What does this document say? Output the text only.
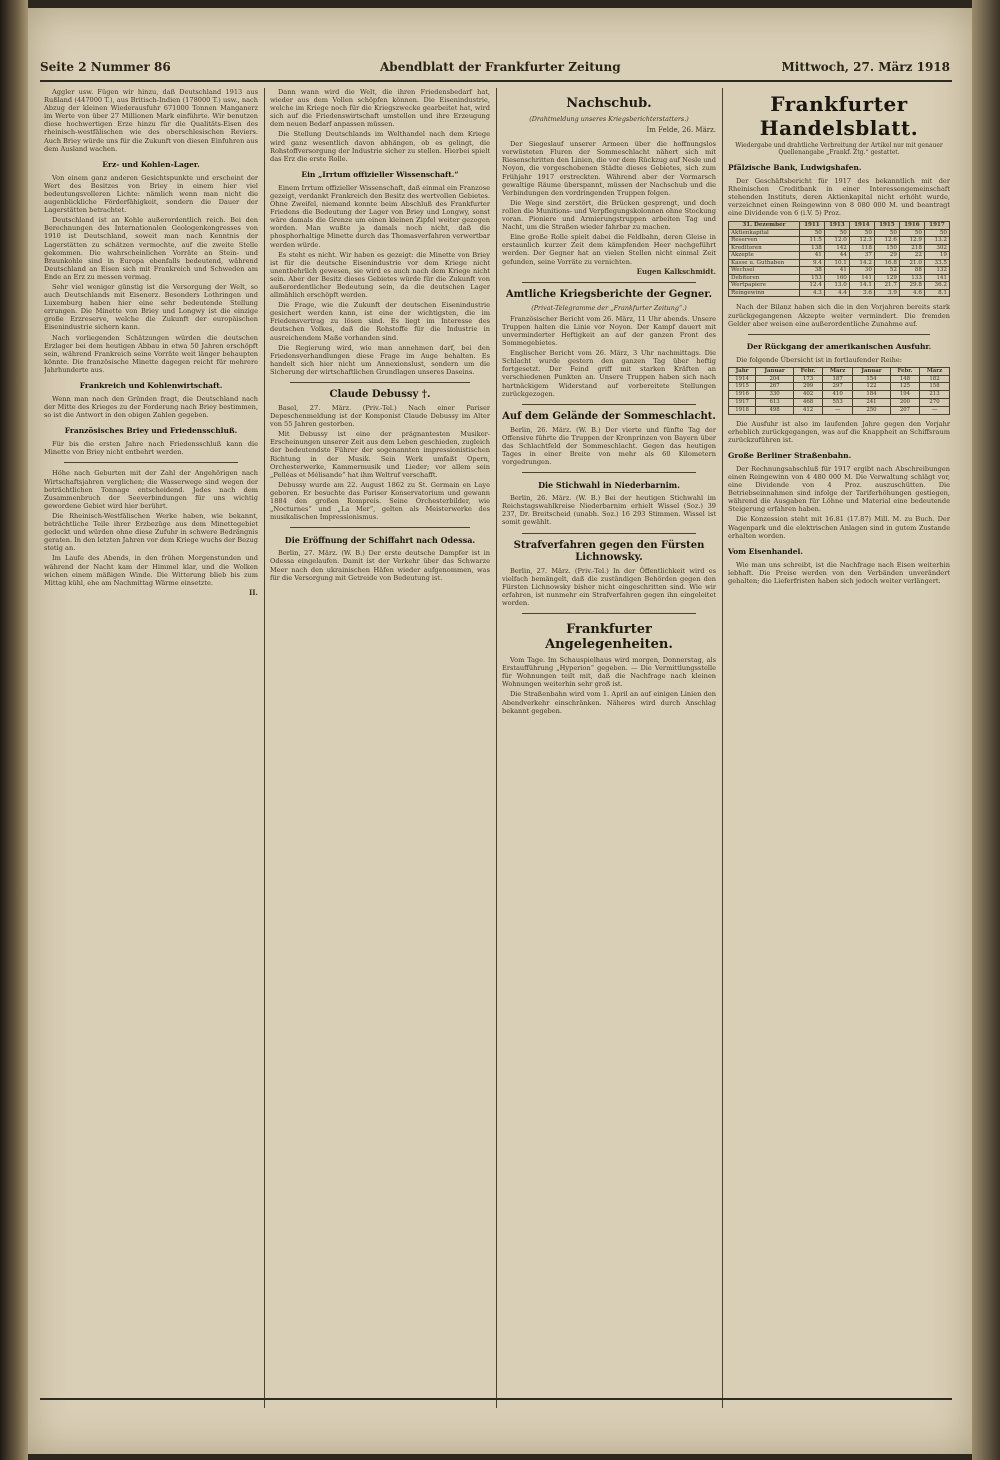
Seite 2 Nummer 86	Abendblatt der Frankfurter Zeitung	Mittwoch, 27. März 1918

Aggler usw. Fügen wir hinzu, daß Deutschland 1913 aus Rußland (447000 T.), aus Britisch-Indien (178000 T.) usw., nach Abzug der kleinen Wiederausfuhr 671000 Tonnen Manganerz im Werte von über 27 Millionen Mark einführte. Wir benutzen diese hochwertigen Erze hinzu für die Qualitäts-Eisen des rheinisch-westfälischen wie des oberschlesischen Reviers. Auch Briey würde uns für die Zukunft von diesen Einfuhren aus dem Ausland wachen.

Erz- und Kohlen-Lager.

Von einem ganz anderen Gesichtspunkte und erscheint der Wert des Besitzes von Briey in einem hier viel bedeutungsvolleren Lichte: nämlich wenn man nicht die augenblickliche Förderfähigkeit, sondern die Dauer der Lagerstätten betrachtet.

Deutschland ist an Kohle außerordentlich reich. Bei den Berechnungen des Internationalen Geologenkongresses von 1910 ist Deutschland, soweit man nach Kenntnis der Lagerstätten zu schätzen vermochte, auf die zweite Stelle gekommen. Die wahrscheinlichen Vorräte an Stein- und Braunkohle sind in Europa ebenfalls bedeutend, während Deutschland an Eisen sich mit Frankreich und Schweden am Ende an Erz zu messen vermag.

Sehr viel weniger günstig ist die Versorgung der Welt, so auch Deutschlands mit Eisenerz. Besonders Lothringen und Luxemburg haben hier eine sehr bedeutende Stellung errungen. Die Minette von Briey und Longwy ist die einzige große Erzreserve, welche die Zukunft der europäischen Eisenindustrie sichern kann.

Nach vorliegenden Schätzungen würden die deutschen Erzlager bei dem heutigen Abbau in etwa 50 Jahren erschöpft sein, während Frankreich seine Vorräte weit länger behaupten könnte. Die französische Minette dagegen reicht für mehrere Jahrhunderte aus.

Frankreich und Kohlenwirtschaft.

Wenn man nach den Gründen fragt, die Deutschland nach der Mitte des Krieges zu der Forderung nach Briey bestimmen, so ist die Antwort in den obigen Zahlen gegeben.

Französisches Briey und Friedensschluß.

Für bis die ersten Jahre nach Friedensschluß kann die Minette von Briey nicht entbehrt werden.

Höhe nach Geburten mit der Zahl der Angehörigen nach Wirtschaftsjahren verglichen; die Wasserwege sind wegen der beträchtlichen Tonnage entscheidend. Jedes nach dem Zusammenbruch der Seeverbindungen für uns wichtig gewordene Gebiet wird hier berührt.

Die Rheinisch-Westfälischen Werke haben, wie bekannt, beträchtliche Teile ihrer Erzbezüge aus dem Minettegebiet gedeckt und würden ohne diese Zufuhr in schwere Bedrängnis geraten. In den letzten Jahren vor dem Kriege wuchs der Bezug stetig an.

Im Laufe des Abends, in den frühen Morgenstunden und während der Nacht kam der Himmel klar, und die Wolken wichen einem mäßigen Winde. Die Witterung blieb bis zum Mittag kühl, ehe am Nachmittag Wärme einsetzte.

II.

Dann wann wird die Welt, die ihren Friedensbedarf hat, wieder aus dem Vollen schöpfen können. Die Eisenindustrie, welche im Kriege noch für die Kriegszwecke gearbeitet hat, wird sich auf die Friedenswirtschaft umstellen und ihre Erzeugung dem neuen Bedarf anpassen müssen.

Die Stellung Deutschlands im Welthandel nach dem Kriege wird ganz wesentlich davon abhängen, ob es gelingt, die Rohstoffversorgung der Industrie sicher zu stellen. Hierbei spielt das Erz die erste Rolle.

Ein „Irrtum offizieller Wissenschaft.“

Einem Irrtum offizieller Wissenschaft, daß einmal ein Franzose gezeigt, verdankt Frankreich den Besitz des wertvollen Gebietes. Ohne Zweifel, niemand konnte beim Abschluß des Frankfurter Friedens die Bedeutung der Lager von Briey und Longwy, sonst wäre damals die Grenze um einen kleinen Zipfel weiter gezogen worden. Man wußte ja damals noch nicht, daß die phosphorhaltige Minette durch das Thomasverfahren verwertbar werden würde.

Es steht es nicht. Wir haben es gezeigt: die Minette von Briey ist für die deutsche Eisenindustrie vor dem Kriege nicht unentbehrlich gewesen, sie wird es auch nach dem Kriege nicht sein. Aber der Besitz dieses Gebietes würde für die Zukunft von außerordentlicher Bedeutung sein, da die deutschen Lager allmählich erschöpft werden.

Die Frage, wie die Zukunft der deutschen Eisenindustrie gesichert werden kann, ist eine der wichtigsten, die im Friedensvertrag zu lösen sind. Es liegt im Interesse des deutschen Volkes, daß die Rohstoffe für die Industrie in ausreichendem Maße vorhanden sind.

Die Regierung wird, wie man annehmen darf, bei den Friedensverhandlungen diese Frage im Auge behalten. Es handelt sich hier nicht um Annexionslust, sondern um die Sicherung der wirtschaftlichen Grundlagen unseres Daseins.

Claude Debussy †.

Basel, 27. März. (Priv.-Tel.) Nach einer Pariser Depeschenmeldung ist der Komponist Claude Debussy im Alter von 55 Jahren gestorben.

Mit Debussy ist eine der prägnantesten Musiker-Erscheinungen unserer Zeit aus dem Leben geschieden, zugleich der bedeutendste Führer der sogenannten impressionistischen Richtung in der Musik. Sein Werk umfaßt Opern, Orchesterwerke, Kammermusik und Lieder; vor allem sein „Pelléas et Mélisande“ hat ihm Weltruf verschafft.

Debussy wurde am 22. August 1862 zu St. Germain en Laye geboren. Er besuchte das Pariser Konservatorium und gewann 1884 den großen Rompreis. Seine Orchesterbilder, wie „Nocturnes“ und „La Mer“, gelten als Meisterwerke des musikalischen Impressionismus.

Die Eröffnung der Schiffahrt nach Odessa.

Berlin, 27. März. (W. B.) Der erste deutsche Dampfer ist in Odessa eingelaufen. Damit ist der Verkehr über das Schwarze Meer nach den ukrainischen Häfen wieder aufgenommen, was für die Versorgung mit Getreide von Bedeutung ist.

Nachschub.
(Drahtmeldung unseres Kriegsberichterstatters.)
Im Felde, 26. März.

Der Siegeslauf unserer Armeen über die hoffnungslos verwüsteten Fluren der Sommeschlacht nähert sich mit Riesenschritten den Linien, die vor dem Rückzug auf Nesle und Noyon, die vorgeschobenen Städte dieses Gebietes, sich zum Frühjahr 1917 erstreckten. Während aber der Vormarsch gewaltige Räume überspannt, müssen der Nachschub und die Verbindungen den vordringenden Truppen folgen.

Die Wege sind zerstört, die Brücken gesprengt, und doch rollen die Munitions- und Verpflegungskolonnen ohne Stockung voran. Pioniere und Armierungstruppen arbeiten Tag und Nacht, um die Straßen wieder fahrbar zu machen.

Eine große Rolle spielt dabei die Feldbahn, deren Gleise in erstaunlich kurzer Zeit dem kämpfenden Heer nachgeführt werden. Der Gegner hat an vielen Stellen nicht einmal Zeit gefunden, seine Vorräte zu vernichten.

Eugen Kalkschmidt.
Amtliche Kriegsberichte der Gegner.
(Privat-Telegramme der „Frankfurter Zeitung“.)

Französischer Bericht vom 26. März, 11 Uhr abends. Unsere Truppen halten die Linie vor Noyon. Der Kampf dauert mit unverminderter Heftigkeit an auf der ganzen Front des Sommegebietes.

Englischer Bericht vom 26. März, 3 Uhr nachmittags. Die Schlacht wurde gestern den ganzen Tag über heftig fortgesetzt. Der Feind griff mit starken Kräften an verschiedenen Punkten an. Unsere Truppen haben sich nach hartnäckigem Widerstand auf vorbereitete Stellungen zurückgezogen.

Auf dem Gelände der Sommeschlacht.

Berlin, 26. März. (W. B.) Der vierte und fünfte Tag der Offensive führte die Truppen der Kronprinzen von Bayern über das Schlachtfeld der Sommeschlacht. Gegen das heutigen Tages in einer Breite von mehr als 60 Kilometern vorgedrungen.

Die Stichwahl in Niederbarnim.

Berlin, 26. März. (W. B.) Bei der heutigen Stichwahl im Reichstagswahlkreise Niederbarnim erhielt Wissel (Soz.) 39 237, Dr. Breitscheid (unabh. Soz.) 16 293 Stimmen. Wissel ist somit gewählt.

Strafverfahren gegen den Fürsten Lichnowsky.

Berlin, 27. März. (Priv.-Tel.) In der Öffentlichkeit wird es vielfach bemängelt, daß die zuständigen Behörden gegen den Fürsten Lichnowsky bisher nicht eingeschritten sind. Wie wir erfahren, ist nunmehr ein Strafverfahren gegen ihn eingeleitet worden.

Frankfurter Angelegenheiten.

Vom Tage. Im Schauspielhaus wird morgen, Donnerstag, als Erstaufführung „Hyperion“ gegeben. — Die Vermittlungsstelle für Wohnungen teilt mit, daß die Nachfrage nach kleinen Wohnungen weiterhin sehr groß ist.

Die Straßenbahn wird vom 1. April an auf einigen Linien den Abendverkehr einschränken. Näheres wird durch Anschlag bekannt gegeben.

Frankfurter Handelsblatt.
Wiedergabe und drahtliche Verbreitung der Artikel nur mit genauer Quellenangabe „Frankf. Ztg.“ gestattet.
Pfälzische Bank, Ludwigshafen.

Der Geschäftsbericht für 1917 des bekanntlich mit der Rheinischen Creditbank in einer Interessengemeinschaft stehenden Instituts, deren Aktienkapital nicht erhöht wurde, verzeichnet einen Reingewinn von 8 080 000 M. und beantragt eine Dividende von 6 (i.V. 5) Proz.

31. Dezember	1911	1913	1914	1915	1916	1917
Aktienkapital	50	50	50	50	50	50
Reserven	11.5	12.0	12.3	12.6	12.9	13.2
Kreditoren	138	142	118	150	218	302
Akzepte	41	44	37	29	22	19
Kasse u. Guthaben	9.4	10.1	14.2	16.8	21.0	33.5
Wechsel	38	41	30	52	88	132
Debitoren	153	160	141	129	133	141
Wertpapiere	12.4	13.0	14.1	21.7	29.8	36.2
Reingewinn	4.3	4.4	3.6	3.9	4.6	8.1

Nach der Bilanz haben sich die in den Vorjahren bereits stark zurückgegangenen Akzepte weiter vermindert. Die fremden Gelder aber weisen eine außerordentliche Zunahme auf.

Der Rückgang der amerikanischen Ausfuhr.

Die folgende Übersicht ist in fortlaufender Reihe:

Jahr	Januar	Febr.	März	Januar	Febr.	März
1914	204	173	187	154	148	182
1915	267	299	297	122	125	158
1916	330	402	410	184	194	213
1917	613	468	553	241	200	270
1918	498	412	—	250	207	—

Die Ausfuhr ist also im laufenden Jahre gegen den Vorjahr erheblich zurückgegangen, was auf die Knappheit an Schiffsraum zurückzuführen ist.

Große Berliner Straßenbahn.

Der Rechnungsabschluß für 1917 ergibt nach Abschreibungen einen Reingewinn von 4 480 000 M. Die Verwaltung schlägt vor, eine Dividende von 4 Proz. auszuschütten. Die Betriebseinnahmen sind infolge der Tariferhöhungen gestiegen, während die Ausgaben für Löhne und Material eine bedeutende Steigerung erfahren haben.

Die Konzession steht mit 16.81 (17.87) Mill. M. zu Buch. Der Wagenpark und die elektrischen Anlagen sind in gutem Zustande erhalten worden.

Vom Eisenhandel.

Wie man uns schreibt, ist die Nachfrage nach Eisen weiterhin lebhaft. Die Preise werden von den Verbänden unverändert gehalten; die Lieferfristen haben sich jedoch weiter verlängert.
